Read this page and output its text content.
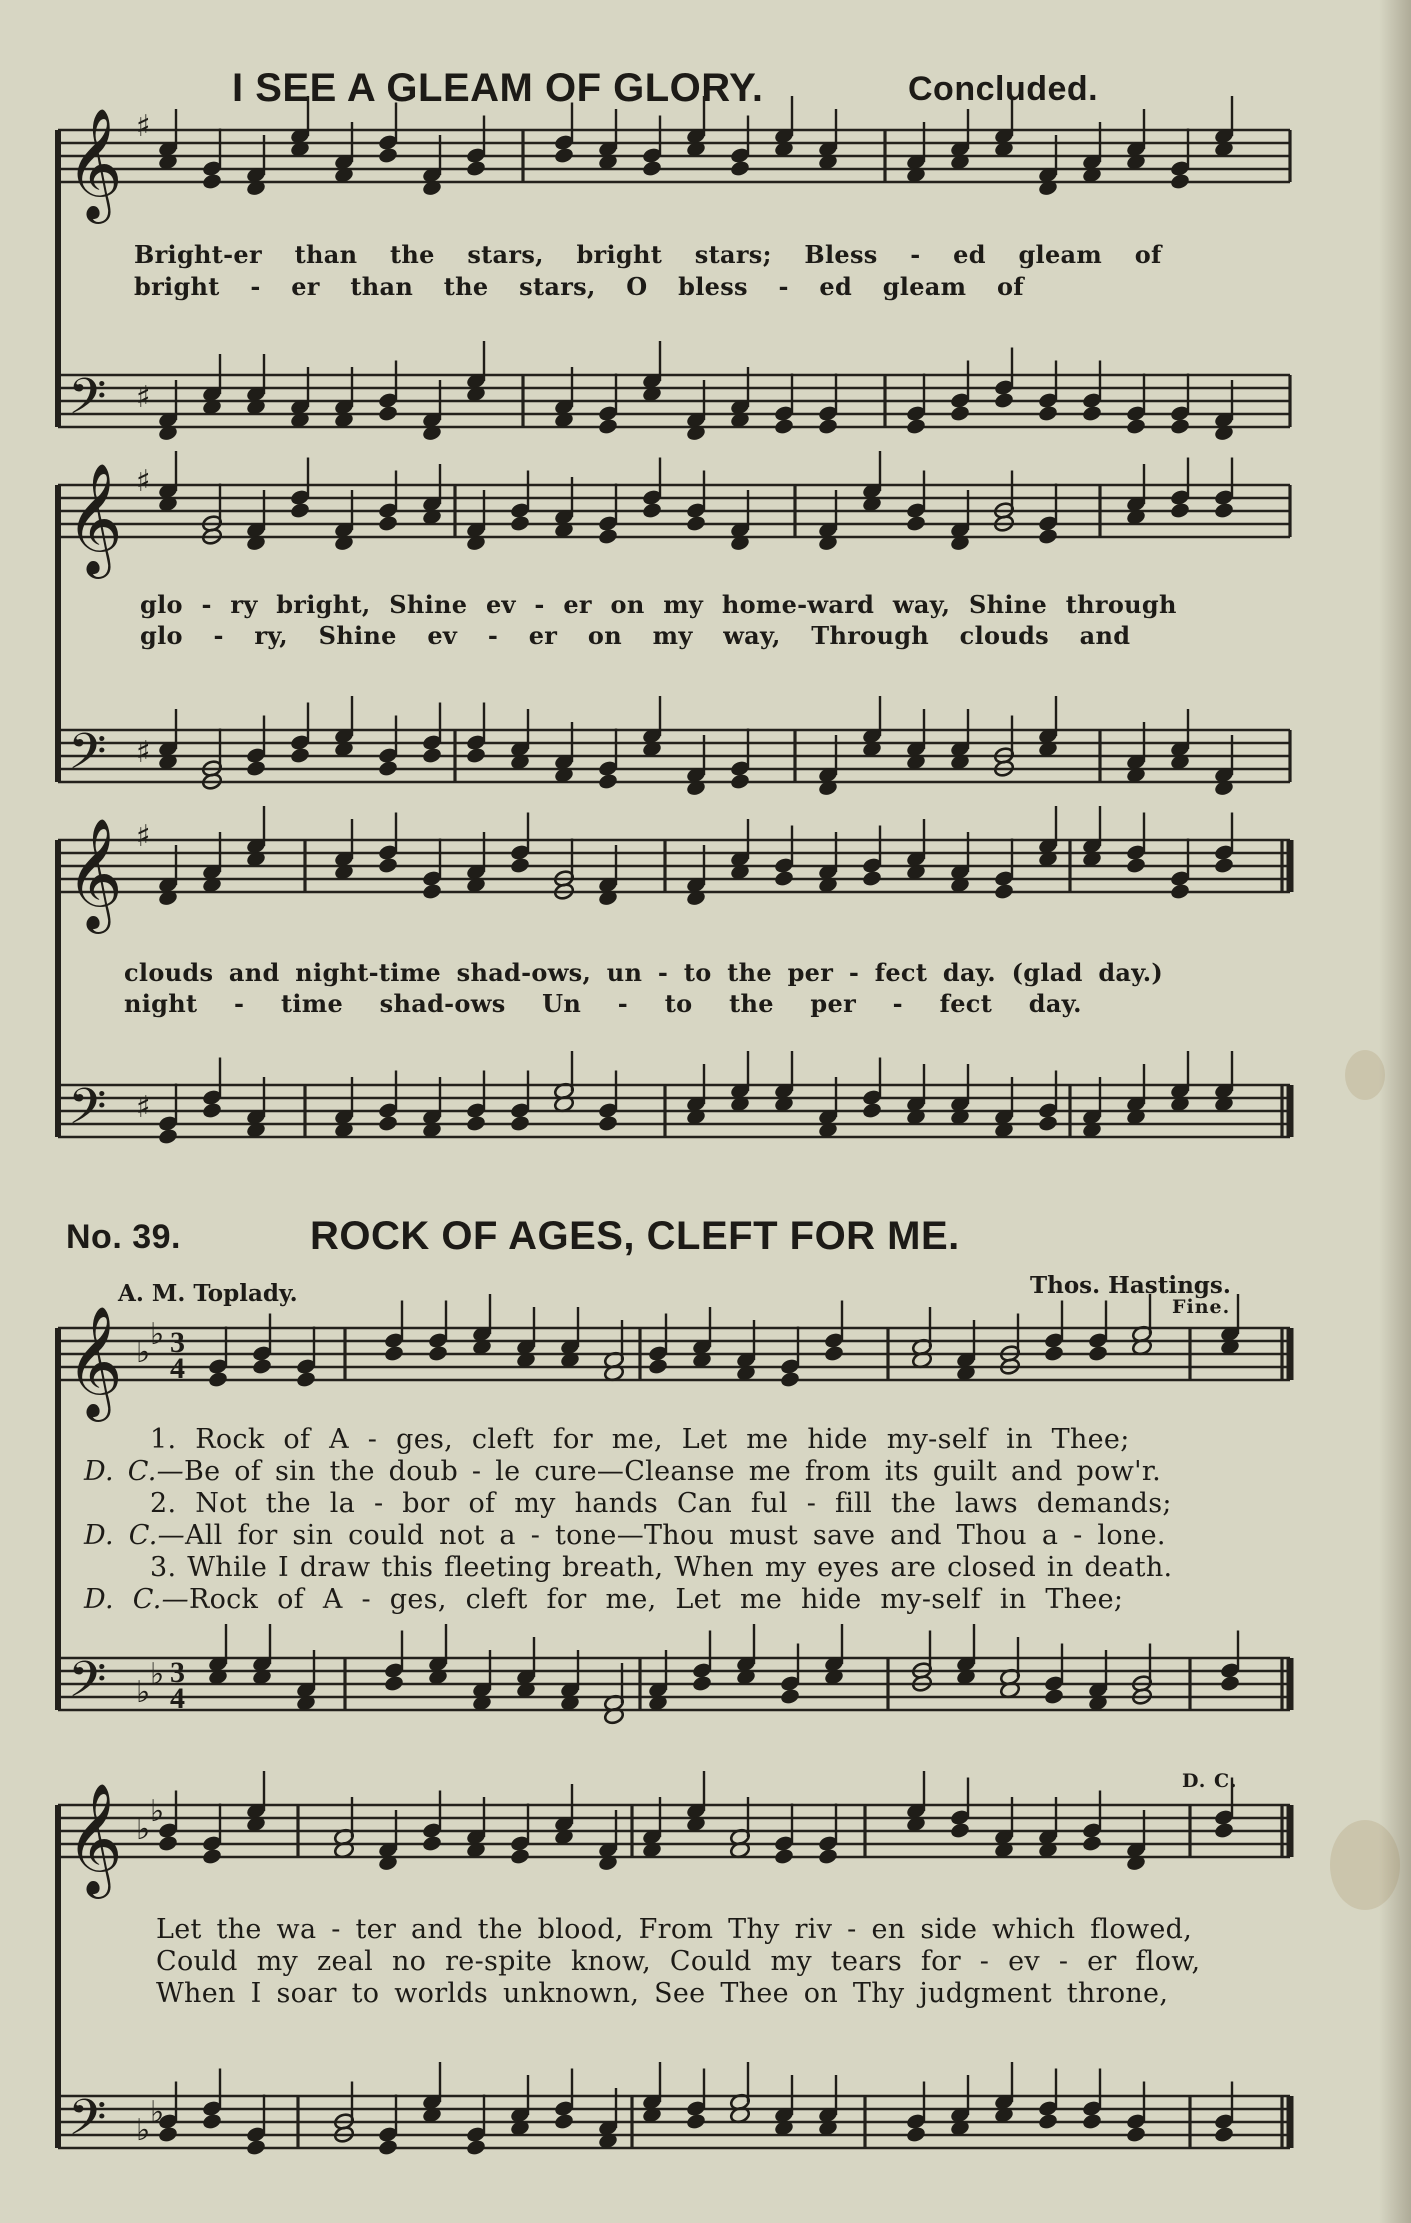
I SEE A GLEAM OF GLORY.	Concluded.
No. 39.	ROCK OF AGES, CLEFT FOR ME.
A. M. Toplady.	Thos. Hastings.
Fine.
D. C.
𝄞
𝄢
♯
♯
𝄞
𝄢
♯
♯
𝄞
𝄢
♯
♯
𝄞
𝄢
♭
♭
♭
♭
3
4
3
4
𝄞
𝄢
♭
♭
♭
♭
Bright-er than the stars, bright stars; Bless - ed gleam of
bright - er than the stars, O bless - ed gleam of
glo - ry bright, Shine ev - er on my home-ward way, Shine through
glo - ry, Shine ev - er on my way, Through clouds and
clouds and night-time shad-ows, un - to the per - fect day. (glad day.)
night - time shad-ows Un - to the per - fect day.
1. Rock of A - ges, cleft for me, Let me hide my-self in Thee;
D. C.—Be of sin the doub - le cure—Cleanse me from its guilt and pow'r.
2. Not the la - bor of my hands Can ful - fill the laws demands;
D. C.—All for sin could not a - tone—Thou must save and Thou a - lone.
3. While I draw this fleeting breath, When my eyes are closed in death.
D. C.—Rock of A - ges, cleft for me, Let me hide my-self in Thee;
Let the wa - ter and the blood, From Thy riv - en side which flowed,
Could my zeal no re-spite know, Could my tears for - ev - er flow,
When I soar to worlds unknown, See Thee on Thy judgment throne,
